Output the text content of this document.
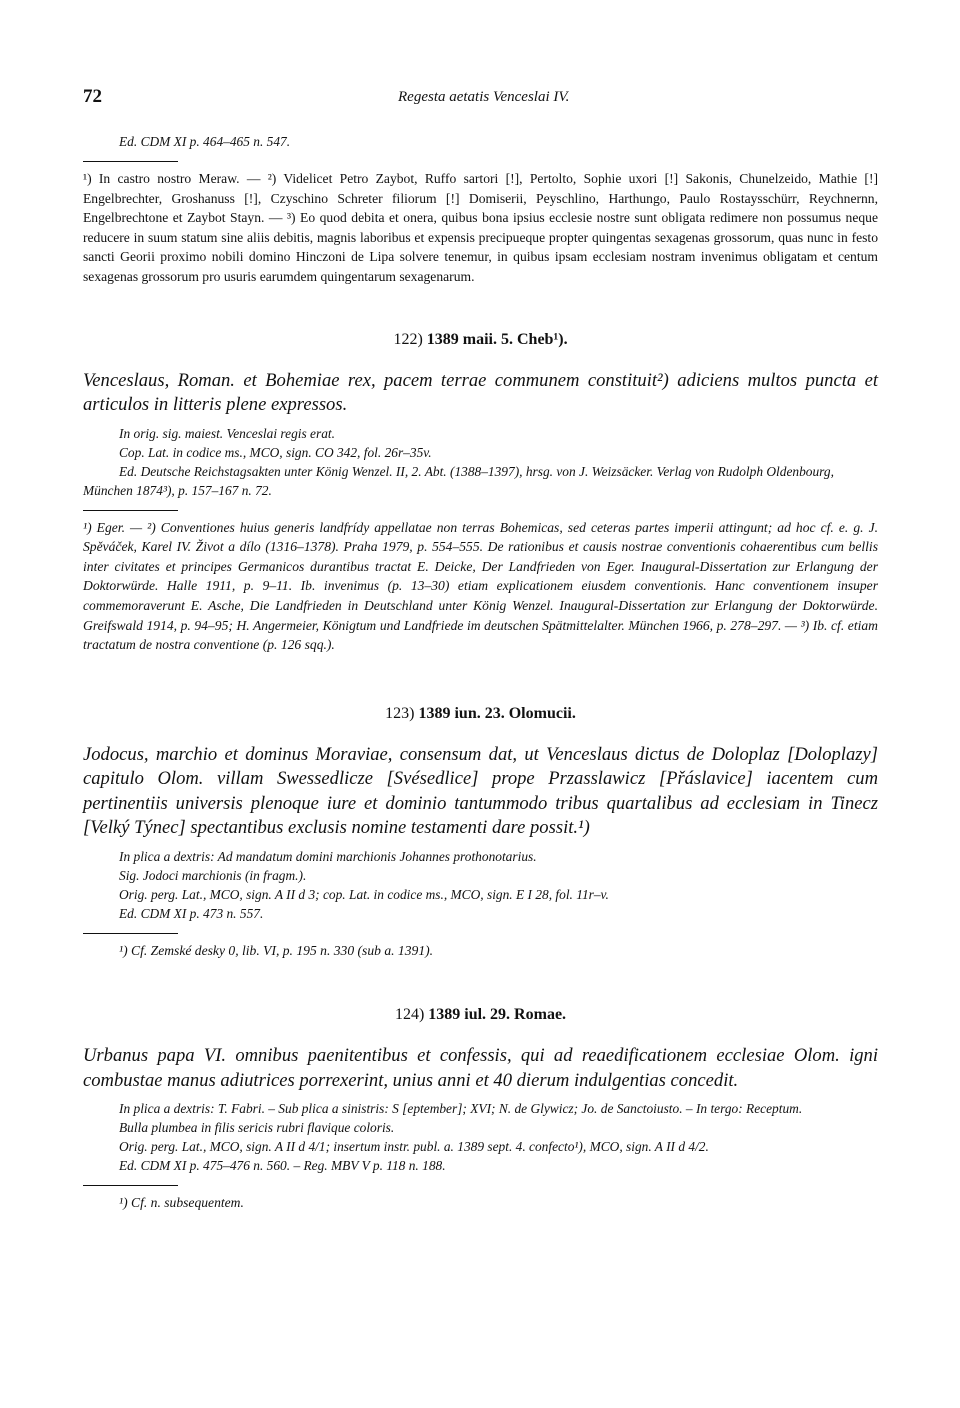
72	Regesta aetatis Venceslai IV.

Ed. CDM XI p. 464–465 n. 547.

¹) In castro nostro Meraw. — ²) Videlicet Petro Zaybot, Ruffo sartori [!], Pertolto, Sophie uxori [!] Sakonis, Chunelzeido, Mathie [!] Engelbrechter, Groshanuss [!], Czyschino Schreter filiorum [!] Domiserii, Peyschlino, Harthungo, Paulo Rostaysschürr, Reychnernn, Engelbrechtone et Zaybot Stayn. — ³) Eo quod debita et onera, quibus bona ipsius ecclesie nostre sunt obligata redimere non possumus neque reducere in suum statum sine aliis debitis, magnis laboribus et expensis precipueque propter quingentas sexagenas grossorum, quas nunc in festo sancti Georii proximo nobili domino Hinczoni de Lipa solvere tenemur, in quibus ipsam ecclesiam nostram invenimus obligatam et centum sexagenas grossorum pro usuris earumdem quingentarum sexagenarum.

122) 1389 maii. 5. Cheb¹).

Venceslaus, Roman. et Bohemiae rex, pacem terrae communem constituit²) adiciens multos puncta et articulos in litteris plene expressos.

In orig. sig. maiest. Venceslai regis erat.

Cop. Lat. in codice ms., MCO, sign. CO 342, fol. 26r–35v.

Ed. Deutsche Reichstagsakten unter König Wenzel. II, 2. Abt. (1388–1397), hrsg. von J. Weizsäcker. Verlag von Rudolph Oldenbourg, München 1874³), p. 157–167 n. 72.

¹) Eger. — ²) Conventiones huius generis landfrídy appellatae non terras Bohemicas, sed ceteras partes imperii attingunt; ad hoc cf. e. g. J. Spěváček, Karel IV. Život a dílo (1316–1378). Praha 1979, p. 554–555. De rationibus et causis nostrae conventionis cohaerentibus cum bellis inter civitates et principes Germanicos durantibus tractat E. Deicke, Der Landfrieden von Eger. Inaugural-Dissertation zur Erlangung der Doktorwürde. Halle 1911, p. 9–11. Ib. invenimus (p. 13–30) etiam explicationem eiusdem conventionis. Hanc conventionem insuper commemoraverunt E. Asche, Die Landfrieden in Deutschland unter König Wenzel. Inaugural-Dissertation zur Erlangung der Doktorwürde. Greifswald 1914, p. 94–95; H. Angermeier, Königtum und Landfriede im deutschen Spätmittelalter. München 1966, p. 278–297. — ³) Ib. cf. etiam tractatum de nostra conventione (p. 126 sqq.).

123) 1389 iun. 23. Olomucii.

Jodocus, marchio et dominus Moraviae, consensum dat, ut Venceslaus dictus de Doloplaz [Doloplazy] capitulo Olom. villam Swessedlicze [Svésedlice] prope Przasslawicz [Přáslavice] iacentem cum pertinentiis universis plenoque iure et dominio tantummodo tribus quartalibus ad ecclesiam in Tinecz [Velký Týnec] spectantibus exclusis nomine testamenti dare possit.¹)

In plica a dextris: Ad mandatum domini marchionis Johannes prothonotarius.

Sig. Jodoci marchionis (in fragm.).

Orig. perg. Lat., MCO, sign. A II d 3; cop. Lat. in codice ms., MCO, sign. E I 28, fol. 11r–v.

Ed. CDM XI p. 473 n. 557.

¹) Cf. Zemské desky 0, lib. VI, p. 195 n. 330 (sub a. 1391).

124) 1389 iul. 29. Romae.

Urbanus papa VI. omnibus paenitentibus et confessis, qui ad reaedificationem ecclesiae Olom. igni combustae manus adiutrices porrexerint, unius anni et 40 dierum indulgentias concedit.

In plica a dextris: T. Fabri. – Sub plica a sinistris: S [eptember]; XVI; N. de Glywicz; Jo. de Sanctoiusto. – In tergo: Receptum.

Bulla plumbea in filis sericis rubri flavique coloris.

Orig. perg. Lat., MCO, sign. A II d 4/1; insertum instr. publ. a. 1389 sept. 4. confecto¹), MCO, sign. A II d 4/2.

Ed. CDM XI p. 475–476 n. 560. – Reg. MBV V p. 118 n. 188.

¹) Cf. n. subsequentem.
